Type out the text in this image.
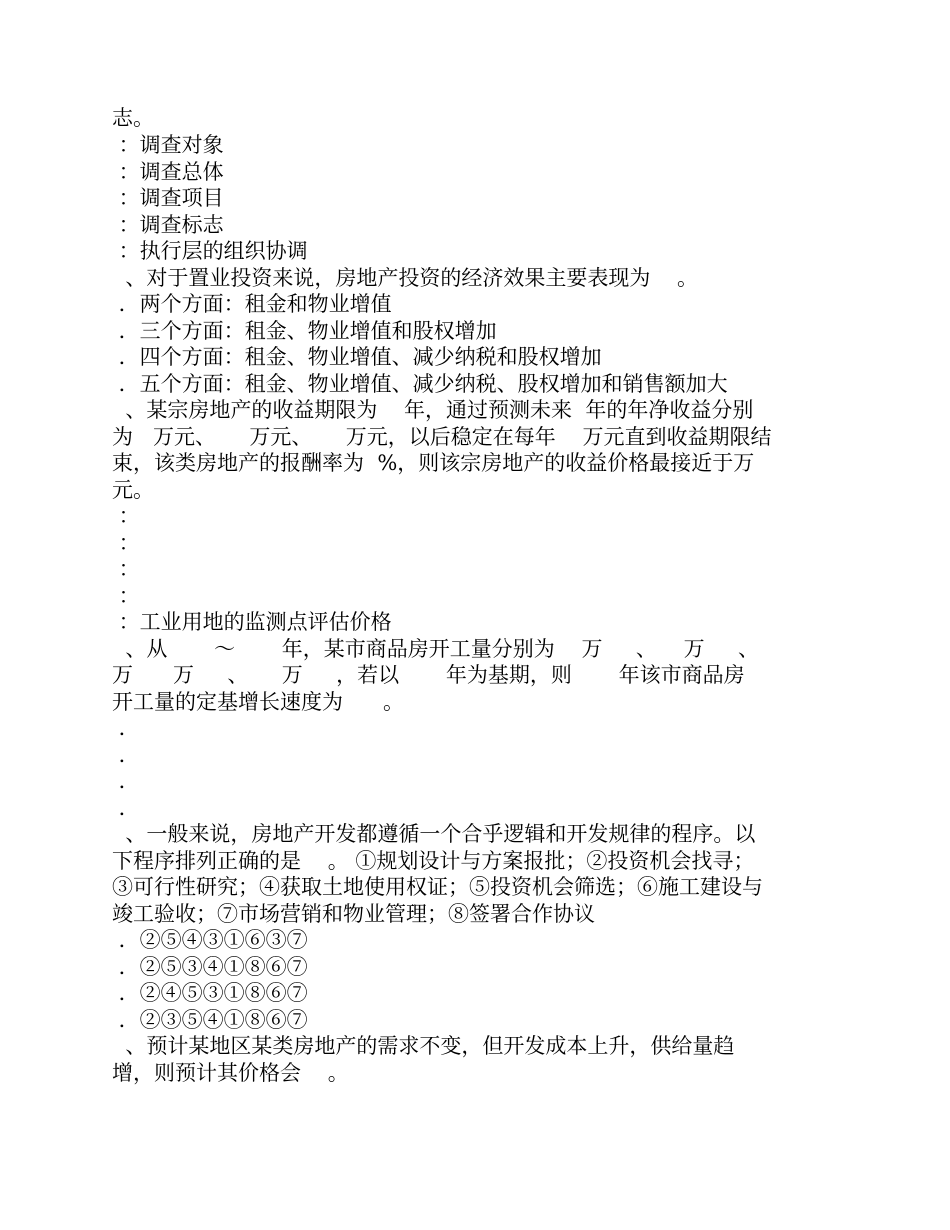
志。
：调查对象
：调查总体
：调查项目
：调查标志
：执行层的组织协调
、对于置业投资来说，房地产投资的经济效果主要表现为    。
．两个方面：租金和物业增值
．三个方面：租金、物业增值和股权增加
．四个方面：租金、物业增值、减少纳税和股权增加
．五个方面：租金、物业增值、减少纳税、股权增加和销售额加大
、某宗房地产的收益期限为    年，通过预测未来  年的年净收益分别
为   万元、     万元、     万元，以后稳定在每年    万元直到收益期限结
束，该类房地产的报酬率为  %，则该宗房地产的收益价格最接近于万
元。
：
：
：
：
：工业用地的监测点评估价格
、从       ～       年，某市商品房开工量分别为    万     、    万     、
万      万     、     万     ，若以       年为基期，则       年该市商品房
开工量的定基增长速度为      。
．
．
．
．
、一般来说，房地产开发都遵循一个合乎逻辑和开发规律的程序。以
下程序排列正确的是    。 ①规划设计与方案报批；②投资机会找寻；
③可行性研究；④获取土地使用权证；⑤投资机会筛选；⑥施工建设与
竣工验收；⑦市场营销和物业管理；⑧签署合作协议
．②⑤④③①⑥③⑦
．②⑤③④①⑧⑥⑦
．②④⑤③①⑧⑥⑦
．②③⑤④①⑧⑥⑦
、预计某地区某类房地产的需求不变，但开发成本上升，供给量趋
增，则预计其价格会    。
